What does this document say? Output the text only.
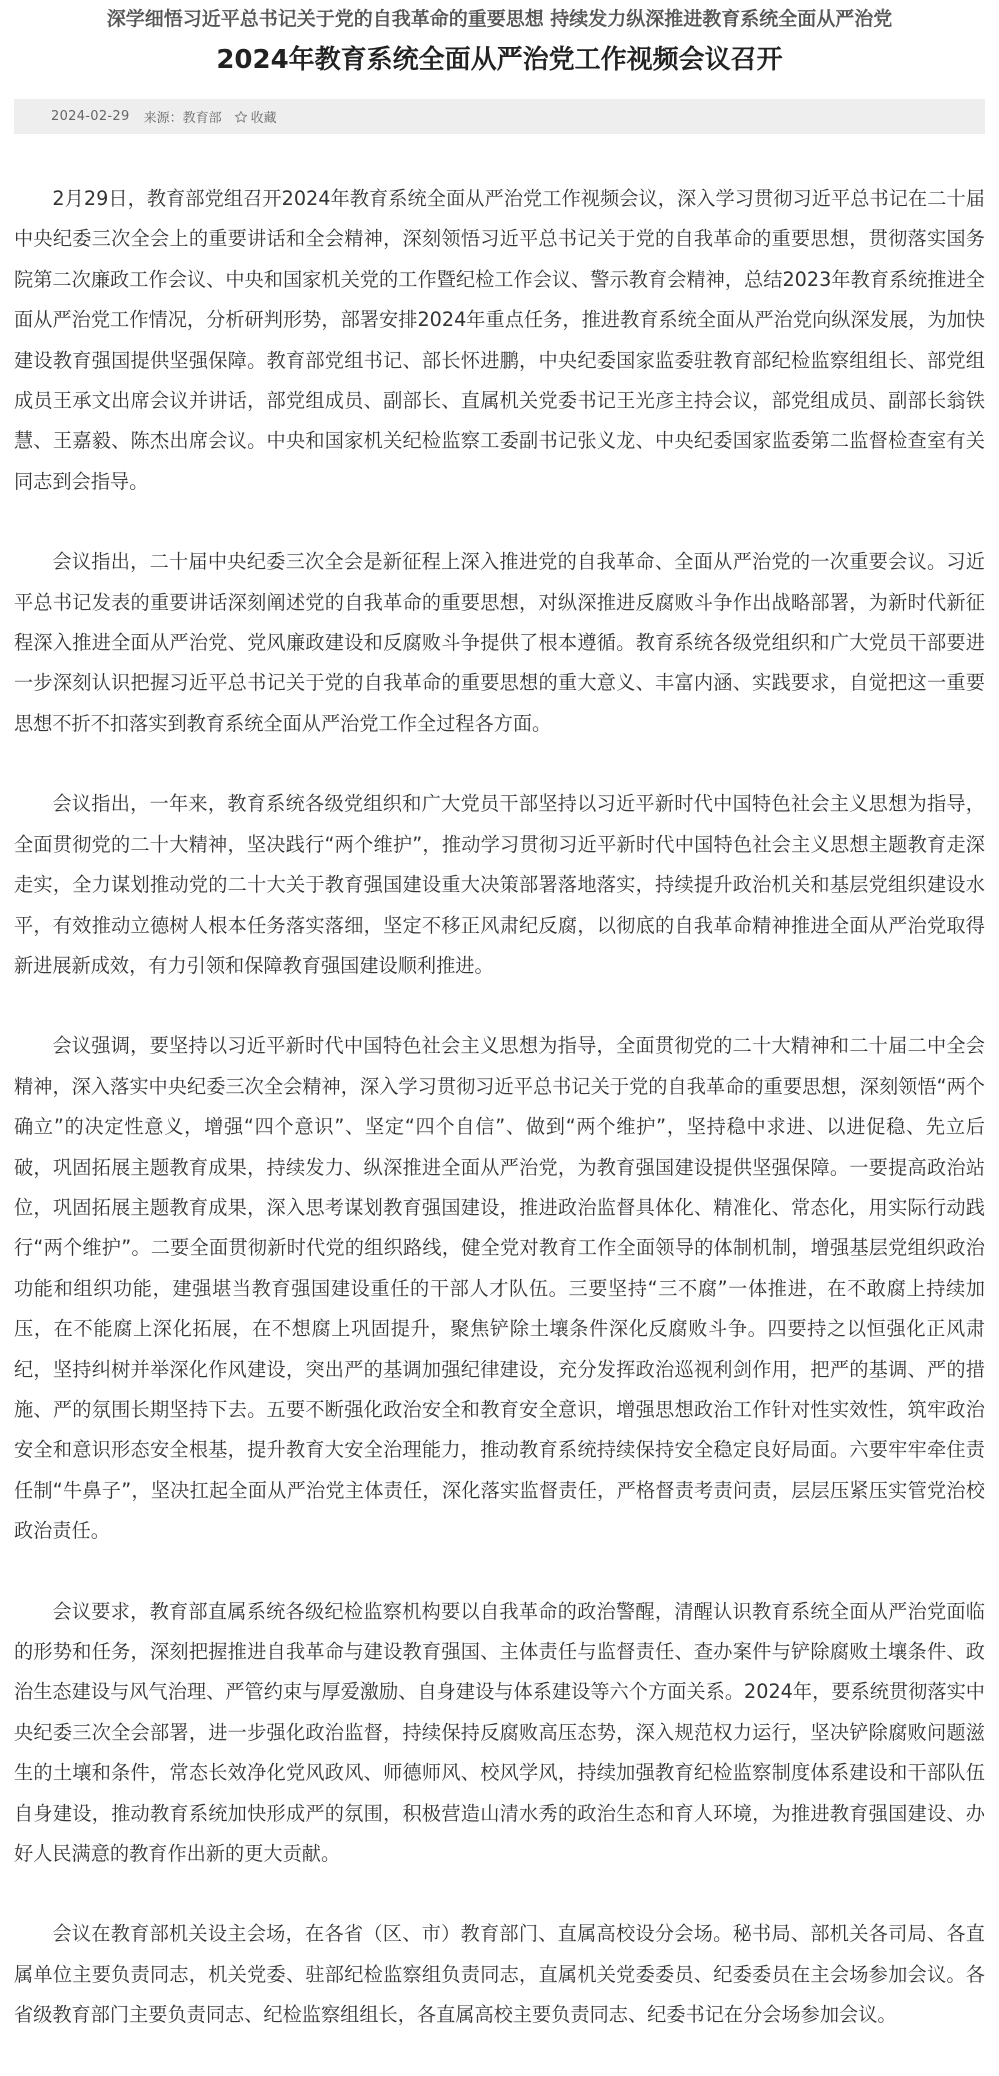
深学细悟习近平总书记关于党的自我革命的重要思想 持续发力纵深推进教育系统全面从严治党
2024年教育系统全面从严治党工作视频会议召开
2024-02-29 来源：教育部 收藏

2月29日，教育部党组召开2024年教育系统全面从严治党工作视频会议，深入学习贯彻习近平总书记在二十届中央纪委三次全会上的重要讲话和全会精神，深刻领悟习近平总书记关于党的自我革命的重要思想，贯彻落实国务院第二次廉政工作会议、中央和国家机关党的工作暨纪检工作会议、警示教育会精神，总结2023年教育系统推进全面从严治党工作情况，分析研判形势，部署安排2024年重点任务，推进教育系统全面从严治党向纵深发展，为加快建设教育强国提供坚强保障。教育部党组书记、部长怀进鹏，中央纪委国家监委驻教育部纪检监察组组长、部党组成员王承文出席会议并讲话，部党组成员、副部长、直属机关党委书记王光彦主持会议，部党组成员、副部长翁铁慧、王嘉毅、陈杰出席会议。中央和国家机关纪检监察工委副书记张义龙、中央纪委国家监委第二监督检查室有关同志到会指导。

会议指出，二十届中央纪委三次全会是新征程上深入推进党的自我革命、全面从严治党的一次重要会议。习近平总书记发表的重要讲话深刻阐述党的自我革命的重要思想，对纵深推进反腐败斗争作出战略部署，为新时代新征程深入推进全面从严治党、党风廉政建设和反腐败斗争提供了根本遵循。教育系统各级党组织和广大党员干部要进一步深刻认识把握习近平总书记关于党的自我革命的重要思想的重大意义、丰富内涵、实践要求，自觉把这一重要思想不折不扣落实到教育系统全面从严治党工作全过程各方面。

会议指出，一年来，教育系统各级党组织和广大党员干部坚持以习近平新时代中国特色社会主义思想为指导，全面贯彻党的二十大精神，坚决践行“两个维护”，推动学习贯彻习近平新时代中国特色社会主义思想主题教育走深走实，全力谋划推动党的二十大关于教育强国建设重大决策部署落地落实，持续提升政治机关和基层党组织建设水平，有效推动立德树人根本任务落实落细，坚定不移正风肃纪反腐，以彻底的自我革命精神推进全面从严治党取得新进展新成效，有力引领和保障教育强国建设顺利推进。

会议强调，要坚持以习近平新时代中国特色社会主义思想为指导，全面贯彻党的二十大精神和二十届二中全会精神，深入落实中央纪委三次全会精神，深入学习贯彻习近平总书记关于党的自我革命的重要思想，深刻领悟“两个确立”的决定性意义，增强“四个意识”、坚定“四个自信”、做到“两个维护”，坚持稳中求进、以进促稳、先立后破，巩固拓展主题教育成果，持续发力、纵深推进全面从严治党，为教育强国建设提供坚强保障。一要提高政治站位，巩固拓展主题教育成果，深入思考谋划教育强国建设，推进政治监督具体化、精准化、常态化，用实际行动践行“两个维护”。二要全面贯彻新时代党的组织路线，健全党对教育工作全面领导的体制机制，增强基层党组织政治功能和组织功能，建强堪当教育强国建设重任的干部人才队伍。三要坚持“三不腐”一体推进，在不敢腐上持续加压，在不能腐上深化拓展，在不想腐上巩固提升，聚焦铲除土壤条件深化反腐败斗争。四要持之以恒强化正风肃纪，坚持纠树并举深化作风建设，突出严的基调加强纪律建设，充分发挥政治巡视利剑作用，把严的基调、严的措施、严的氛围长期坚持下去。五要不断强化政治安全和教育安全意识，增强思想政治工作针对性实效性，筑牢政治安全和意识形态安全根基，提升教育大安全治理能力，推动教育系统持续保持安全稳定良好局面。六要牢牢牵住责任制“牛鼻子”，坚决扛起全面从严治党主体责任，深化落实监督责任，严格督责考责问责，层层压紧压实管党治校政治责任。

会议要求，教育部直属系统各级纪检监察机构要以自我革命的政治警醒，清醒认识教育系统全面从严治党面临的形势和任务，深刻把握推进自我革命与建设教育强国、主体责任与监督责任、查办案件与铲除腐败土壤条件、政治生态建设与风气治理、严管约束与厚爱激励、自身建设与体系建设等六个方面关系。2024年，要系统贯彻落实中央纪委三次全会部署，进一步强化政治监督，持续保持反腐败高压态势，深入规范权力运行，坚决铲除腐败问题滋生的土壤和条件，常态长效净化党风政风、师德师风、校风学风，持续加强教育纪检监察制度体系建设和干部队伍自身建设，推动教育系统加快形成严的氛围，积极营造山清水秀的政治生态和育人环境，为推进教育强国建设、办好人民满意的教育作出新的更大贡献。

会议在教育部机关设主会场，在各省（区、市）教育部门、直属高校设分会场。秘书局、部机关各司局、各直属单位主要负责同志，机关党委、驻部纪检监察组负责同志，直属机关党委委员、纪委委员在主会场参加会议。各省级教育部门主要负责同志、纪检监察组组长，各直属高校主要负责同志、纪委书记在分会场参加会议。
